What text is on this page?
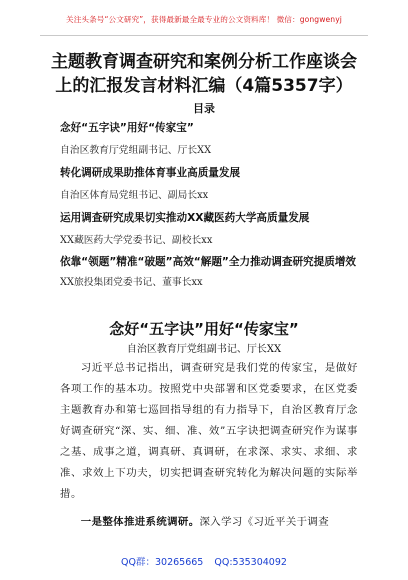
关注头条号“公文研究”，获得最新最全最专业的公文资料库！ 微信：gongwenyj
主题教育调查研究和案例分析工作座谈会
上的汇报发言材料汇编（4篇5357字）
目录
念好“五字诀”用好“传家宝”
自治区教育厅党组副书记、厅长XX
转化调研成果助推体育事业高质量发展
自治区体育局党组书记、副局长xx
运用调查研究成果切实推动XX藏医药大学高质量发展
XX藏医药大学党委书记、副校长xx
依靠“领题”精准“破题”高效“解题”全力推动调查研究提质增效
XX旅投集团党委书记、董事长xx
念好“五字诀”用好“传家宝”
自治区教育厅党组副书记、厅长XX
习近平总书记指出，调查研究是我们党的传家宝，是做好各项工作的基本功。按照党中央部署和区党委要求，在区党委主题教育办和第七巡回指导组的有力指导下，自治区教育厅念好调查研究“深、实、细、准、效”五字诀把调查研究作为谋事之基、成事之道，调真研、真调研，在求深、求实、求细、求准、求效上下功夫，切实把调查研究转化为解决问题的实际举措。
一是整体推进系统调研。深入学习《习近平关于调查
QQ群：30265665 QQ:535304092
